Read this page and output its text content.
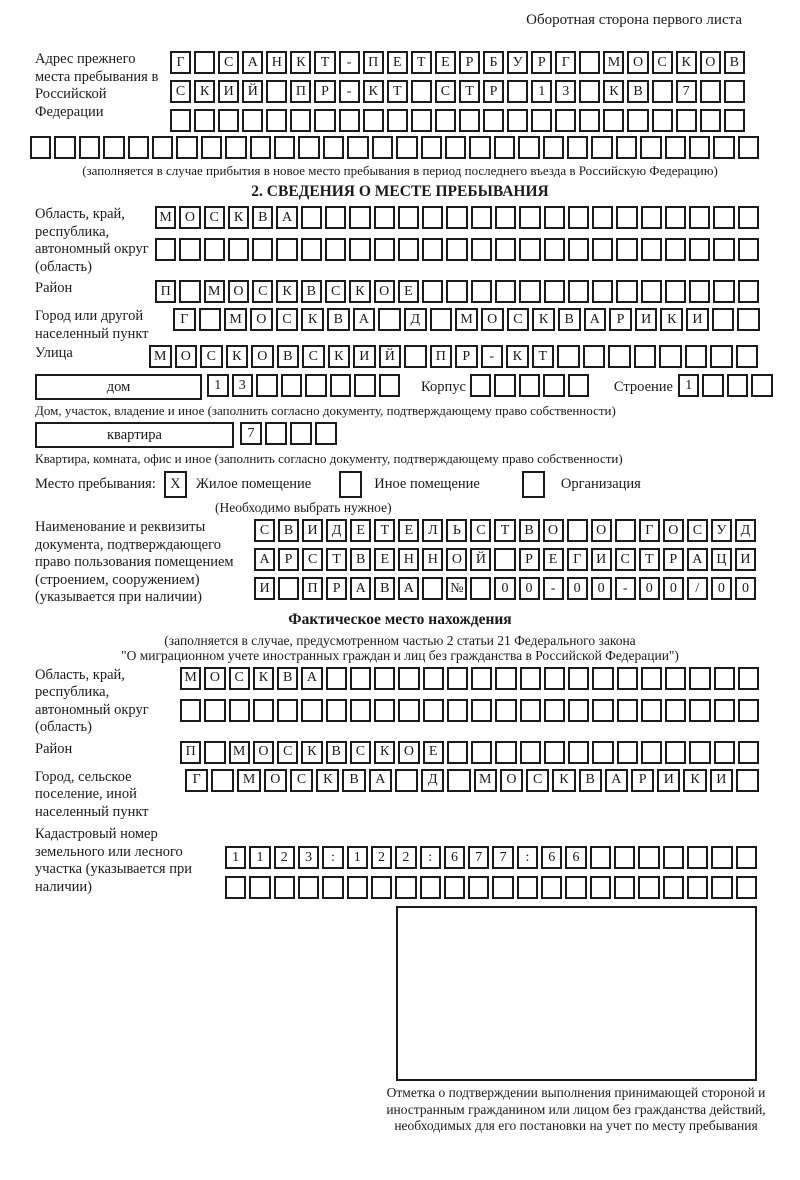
Оборотная сторона первого листа
Адрес прежнего места пребывания в Российской Федерации
Г	С	А Н	К	Т	-	П	Е	Т	Е	Р	Б	У	Р	Г	М О	С	К	О	В
С	К	И Й	П	Р	-	К	Т	С	Т	Р	1	3	К	В	7
(заполняется в случае прибытия в новое место пребывания в период последнего въезда в Российскую Федерацию)
2. СВЕДЕНИЯ О МЕСТЕ ПРЕБЫВАНИЯ
Область, край, республика, автономный округ (область)
М О	С	К	В	А
Район	П	М О	С	К	В	С	К	О	Е
Город или другой населенный пункт
Г	М	О	С	К	В	А	Д	М	О	С	К	В	А	Р	И	К	И
Улица	М	О	С	К	О	В	С	К	И	Й	П	Р	-	К	Т
дом	1	3	Корпус	Строение 1
Дом, участок, владение и иное (заполнить согласно документу, подтверждающему право собственности)
квартира	7
Квартира, комната, офис и иное (заполнить согласно документу, подтверждающему право собственности)
Место пребывания: X	Жилое помещение	Иное помещение	Организация
(Необходимо выбрать нужное)
Наименование и реквизиты документа, подтверждающего право пользования помещением (строением, сооружением) (указывается при наличии)
С	В	И	Д	Е	Т	Е	Л	Ь	С	Т	В	О	О	Г	О	С	У	Д
А	Р	С	Т	В	Е	Н Н О Й	Р	Е	Г	И	С	Т	Р	А Ц И
И	П	Р	А	В	А	№	0	0	-	0	0	-	0	0	/	0	0
Фактическое место нахождения
(заполняется в случае, предусмотренном частью 2 статьи 21 Федерального закона
"О миграционном учете иностранных граждан и лиц без гражданства в Российской Федерации")
Область, край, республика, автономный округ (область)
М О	С	К	В	А
Район	П	М О	С	К	В	С	К	О	Е
Город, сельское поселение, иной населенный пункт
Г	М	О	С	К	В	А	Д	М	О	С	К	В	А	Р	И	К	И
Кадастровый номер земельного или лесного участка (указывается при наличии)
1	1	2	3	:	1	2	2	:	6	7	7	:	6	6
Отметка о подтверждении выполнения принимающей стороной и иностранным гражданином или лицом без гражданства действий, необходимых для его постановки на учет по месту пребывания
